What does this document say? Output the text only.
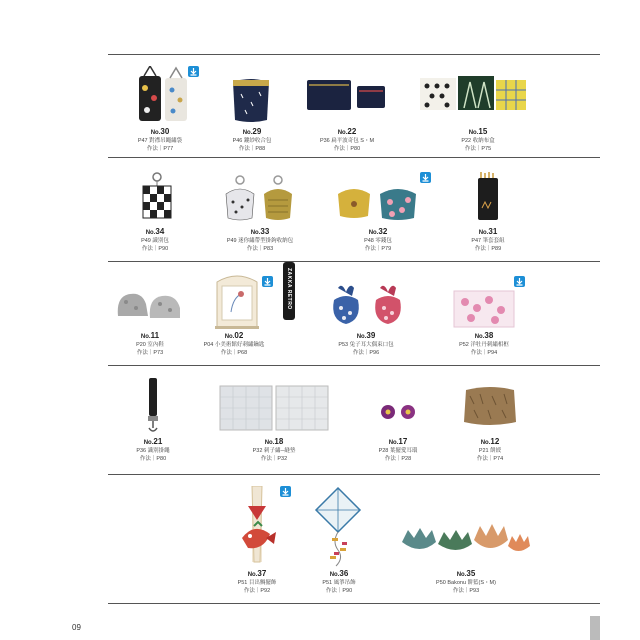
No.30
P47 對襟吊繩繡袋
作法｜P77
No.29
P46 鏤紗收合包
作法｜P88
No.22
P36 扁平波奇包 S・M
作法｜P80
No.15
P22 收納布盒
作法｜P75
No.34
P49 識別包
作法｜P90
No.33
P49 迷你繡帶型掛鉤收納包
作法｜P83
No.32
P48 零錢包
作法｜P79
No.31
P47 筆套套組
作法｜P89
ZAKKA RETRO
No.11
P20 室內鞋
作法｜P73
No.02
P04 小美術館好刺繡鑰匙
作法｜P68
No.39
P53 兔子耳大偶束口包
作法｜P96
No.38
P52 洋牡丹刺繡相框
作法｜P94
No.21
P36 識別掛繩
作法｜P80
No.18
P32 刺子繡─縫墊
作法｜P32
No.17
P28 葉擺愛耳環
作法｜P28
No.12
P21 餅綬
作法｜P74
No.37
P51 目出鯛擺飾
作法｜P92
No.36
P51 風箏吊飾
作法｜P90
No.35
P50 Bakonu 餅籃(S・M)
作法｜P93
09
